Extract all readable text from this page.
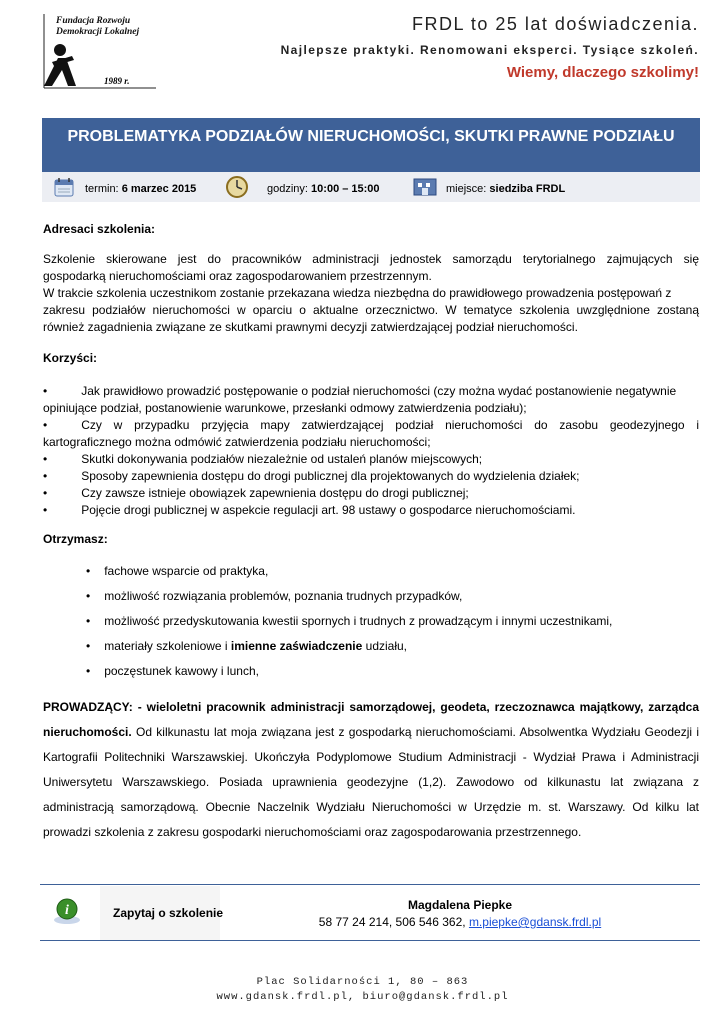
Fundacja Rozwoju
Demokracji Lokalnej
1989 r.
FRDL to 25 lat doświadczenia.
Najlepsze praktyki. Renomowani eksperci. Tysiące szkoleń.
Wiemy, dlaczego szkolimy!
PROBLEMATYKA PODZIAŁÓW NIERUCHOMOŚCI, SKUTKI PRAWNE PODZIAŁU
termin: 6 marzec 2015	godziny: 10:00 – 15:00	miejsce: siedziba FRDL
Adresaci szkolenia:
Szkolenie skierowane jest do pracowników administracji jednostek samorządu terytorialnego zajmujących się
gospodarką nieruchomościami oraz zagospodarowaniem przestrzennym.
W trakcie szkolenia uczestnikom zostanie przekazana wiedza niezbędna do prawidłowego prowadzenia postępowań z
zakresu podziałów nieruchomości w oparciu o aktualne orzecznictwo. W tematyce szkolenia uwzględnione zostaną
również zagadnienia związane ze skutkami prawnymi decyzji zatwierdzającej podział nieruchomości.
Korzyści:
•	Jak prawidłowo prowadzić postępowanie o podział nieruchomości (czy można wydać postanowienie negatywnie
opiniujące podział, postanowienie warunkowe, przesłanki odmowy zatwierdzenia podziału);
•	Czy w przypadku przyjęcia mapy zatwierdzającej podział nieruchomości do zasobu geodezyjnego i
kartograficznego można odmówić zatwierdzenia podziału nieruchomości;
•	Skutki dokonywania podziałów niezależnie od ustaleń planów miejscowych;
•	Sposoby zapewnienia dostępu do drogi publicznej dla projektowanych do wydzielenia działek;
•	Czy zawsze istnieje obowiązek zapewnienia dostępu do drogi publicznej;
•	Pojęcie drogi publicznej w aspekcie regulacji art. 98 ustawy o gospodarce nieruchomościami.
Otrzymasz:
• fachowe wsparcie od praktyka,
• możliwość rozwiązania problemów, poznania trudnych przypadków,
• możliwość przedyskutowania kwestii spornych i trudnych z prowadzącym i innymi uczestnikami,
• materiały szkoleniowe i imienne zaświadczenie udziału,
• poczęstunek kawowy i lunch,
PROWADZĄCY: - wieloletni pracownik administracji samorządowej, geodeta, rzeczoznawca majątkowy, zarządca
nieruchomości. Od kilkunastu lat moja związana jest z gospodarką nieruchomościami. Absolwentka Wydziału Geodezji i
Kartografii Politechniki Warszawskiej. Ukończyła Podyplomowe Studium Administracji - Wydział Prawa i Administracji
Uniwersytetu Warszawskiego. Posiada uprawnienia geodezyjne (1,2). Zawodowo od kilkunastu lat związana z
administracją samorządową. Obecnie Naczelnik Wydziału Nieruchomości w Urzędzie m. st. Warszawy. Od kilku lat
prowadzi szkolenia z zakresu gospodarki nieruchomościami oraz zagospodarowania przestrzennego.
i	Zapytaj o szkolenie
Magdalena Piepke
58 77 24 214, 506 546 362, m.piepke@gdansk.frdl.pl
Plac Solidarności 1, 80 – 863
www.gdansk.frdl.pl, biuro@gdansk.frdl.pl
